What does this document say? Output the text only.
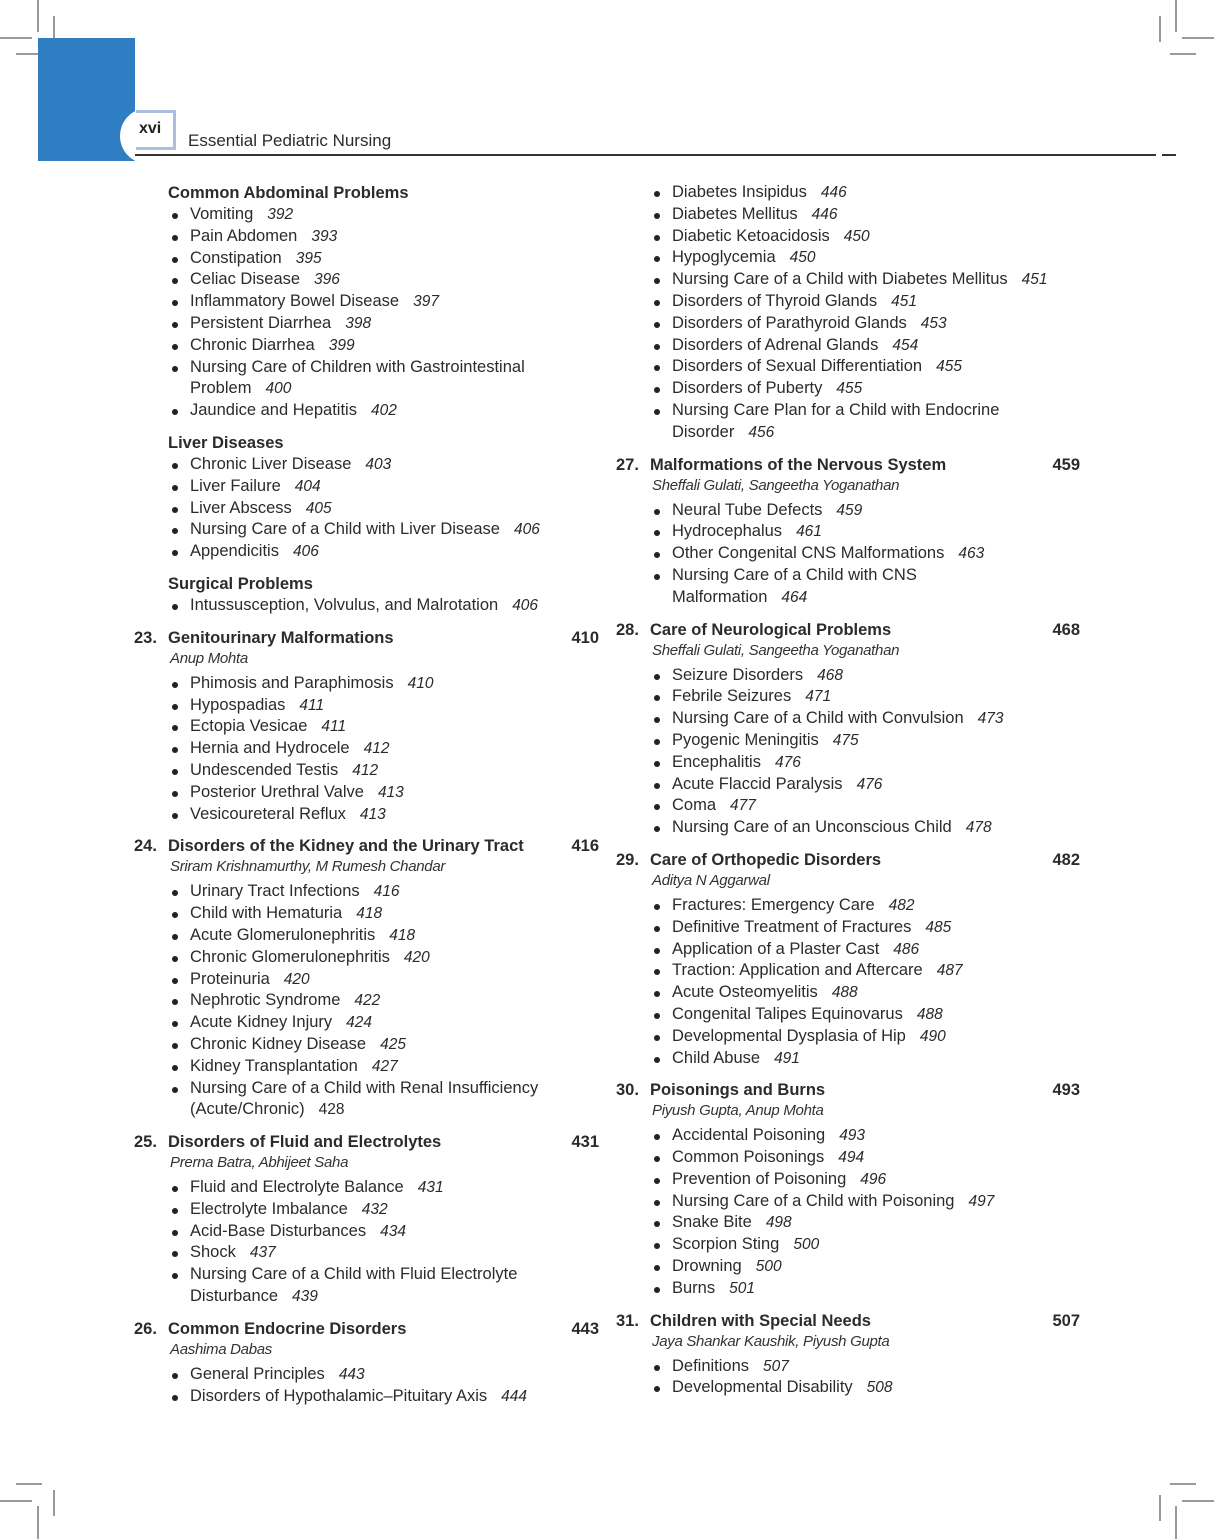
xvi
Essential Pediatric Nursing
Common Abdominal Problems
Vomiting 392
Pain Abdomen 393
Constipation 395
Celiac Disease 396
Inflammatory Bowel Disease 397
Persistent Diarrhea 398
Chronic Diarrhea 399
Nursing Care of Children with Gastrointestinal Problem 400
Jaundice and Hepatitis 402
Liver Diseases
Chronic Liver Disease 403
Liver Failure 404
Liver Abscess 405
Nursing Care of a Child with Liver Disease 406
Appendicitis 406
Surgical Problems
Intussusception, Volvulus, and Malrotation 406
23. Genitourinary Malformations	410
Anup Mohta
Phimosis and Paraphimosis 410
Hypospadias 411
Ectopia Vesicae 411
Hernia and Hydrocele 412
Undescended Testis 412
Posterior Urethral Valve 413
Vesicoureteral Reflux 413
24. Disorders of the Kidney and the Urinary Tract	416
Sriram Krishnamurthy, M Rumesh Chandar
Urinary Tract Infections 416
Child with Hematuria 418
Acute Glomerulonephritis 418
Chronic Glomerulonephritis 420
Proteinuria 420
Nephrotic Syndrome 422
Acute Kidney Injury 424
Chronic Kidney Disease 425
Kidney Transplantation 427
Nursing Care of a Child with Renal Insufficiency (Acute/Chronic) 428
25. Disorders of Fluid and Electrolytes	431
Prerna Batra, Abhijeet Saha
Fluid and Electrolyte Balance 431
Electrolyte Imbalance 432
Acid-Base Disturbances 434
Shock 437
Nursing Care of a Child with Fluid Electrolyte Disturbance 439
26. Common Endocrine Disorders	443
Aashima Dabas
General Principles 443
Disorders of Hypothalamic–Pituitary Axis 444
Diabetes Insipidus 446
Diabetes Mellitus 446
Diabetic Ketoacidosis 450
Hypoglycemia 450
Nursing Care of a Child with Diabetes Mellitus 451
Disorders of Thyroid Glands 451
Disorders of Parathyroid Glands 453
Disorders of Adrenal Glands 454
Disorders of Sexual Differentiation 455
Disorders of Puberty 455
Nursing Care Plan for a Child with Endocrine Disorder 456
27. Malformations of the Nervous System	459
Sheffali Gulati, Sangeetha Yoganathan
Neural Tube Defects 459
Hydrocephalus 461
Other Congenital CNS Malformations 463
Nursing Care of a Child with CNS Malformation 464
28. Care of Neurological Problems	468
Sheffali Gulati, Sangeetha Yoganathan
Seizure Disorders 468
Febrile Seizures 471
Nursing Care of a Child with Convulsion 473
Pyogenic Meningitis 475
Encephalitis 476
Acute Flaccid Paralysis 476
Coma 477
Nursing Care of an Unconscious Child 478
29. Care of Orthopedic Disorders	482
Aditya N Aggarwal
Fractures: Emergency Care 482
Definitive Treatment of Fractures 485
Application of a Plaster Cast 486
Traction: Application and Aftercare 487
Acute Osteomyelitis 488
Congenital Talipes Equinovarus 488
Developmental Dysplasia of Hip 490
Child Abuse 491
30. Poisonings and Burns	493
Piyush Gupta, Anup Mohta
Accidental Poisoning 493
Common Poisonings 494
Prevention of Poisoning 496
Nursing Care of a Child with Poisoning 497
Snake Bite 498
Scorpion Sting 500
Drowning 500
Burns 501
31. Children with Special Needs	507
Jaya Shankar Kaushik, Piyush Gupta
Definitions 507
Developmental Disability 508
